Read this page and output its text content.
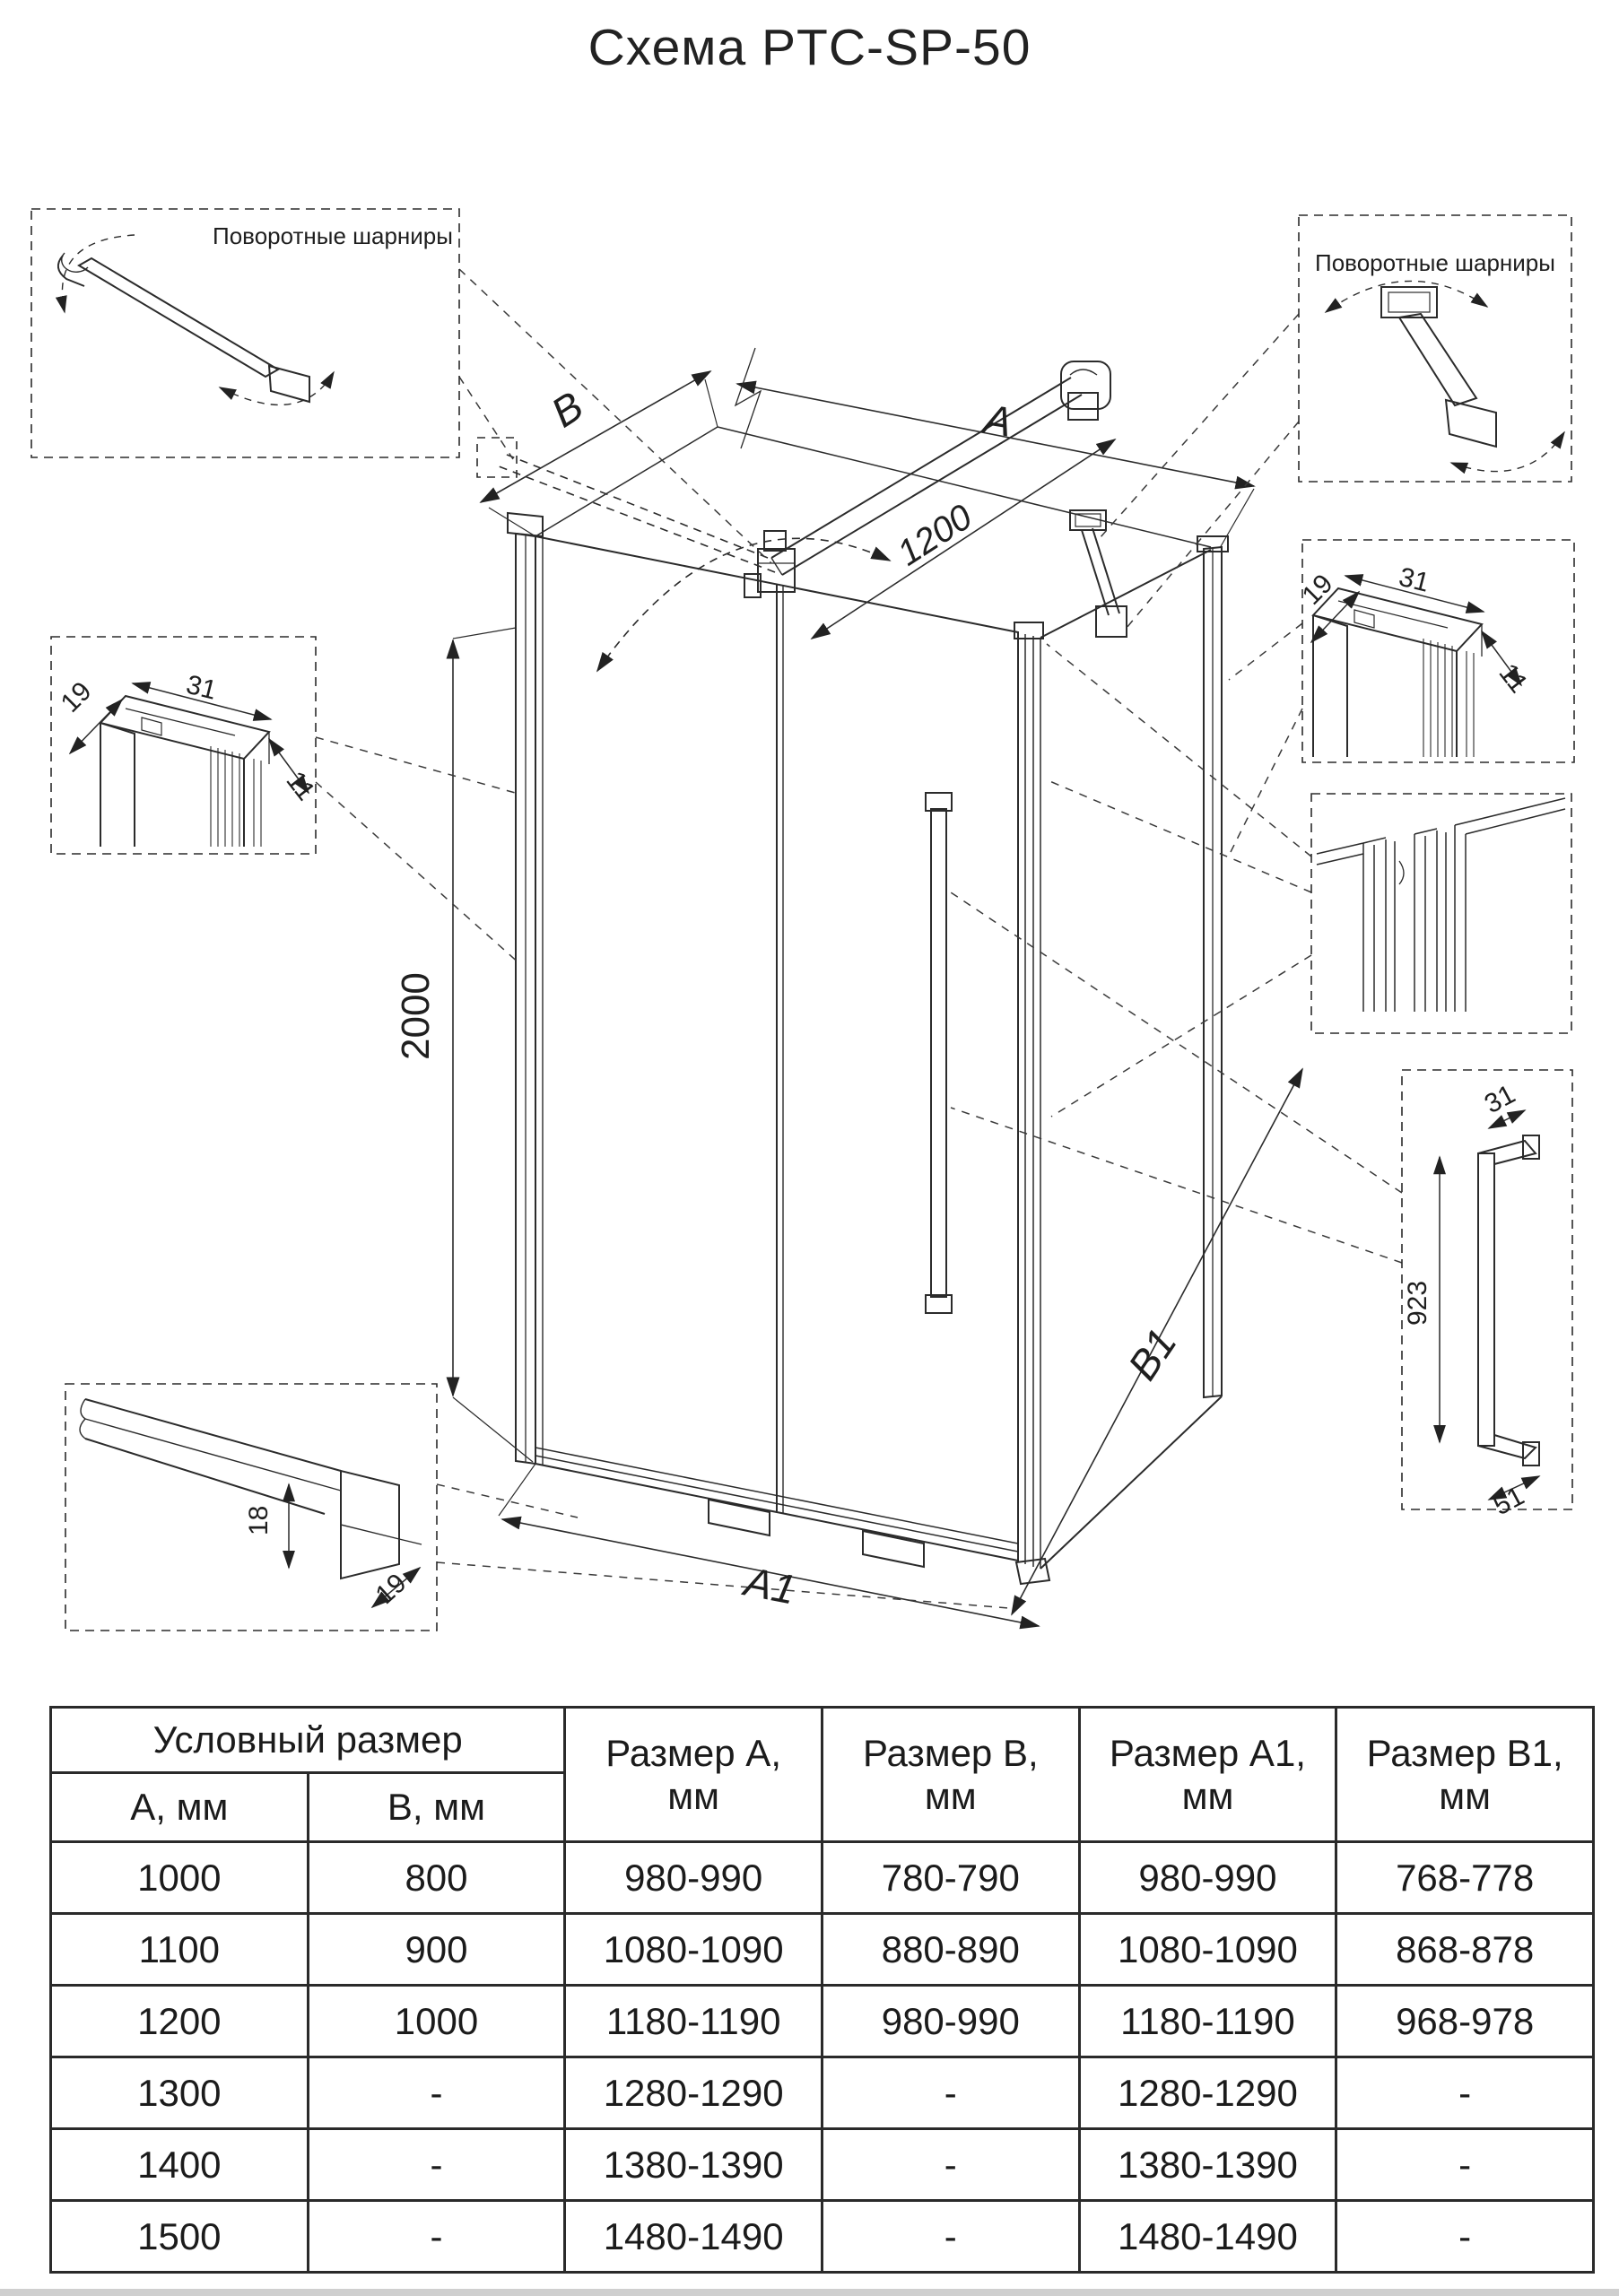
Схема PTC-SP-50
Поворотные шарниры
Поворотные шарниры
A
B
1200
2000
A1
B1
19	31
11
19 31
11
31
923
51
18
19
Условный размер		Размер A, мм	Размер B, мм	Размер A1, мм	Размер B1, мм
A, мм	B, мм				
1000	800	980-990	780-790	980-990	768-778
1100	900	1080-1090	880-890	1080-1090	868-878
1200	1000	1180-1190	980-990	1180-1190	968-978
1300	-	1280-1290	-	1280-1290	-
1400	-	1380-1390	-	1380-1390	-
1500	-	1480-1490	-	1480-1490	-
